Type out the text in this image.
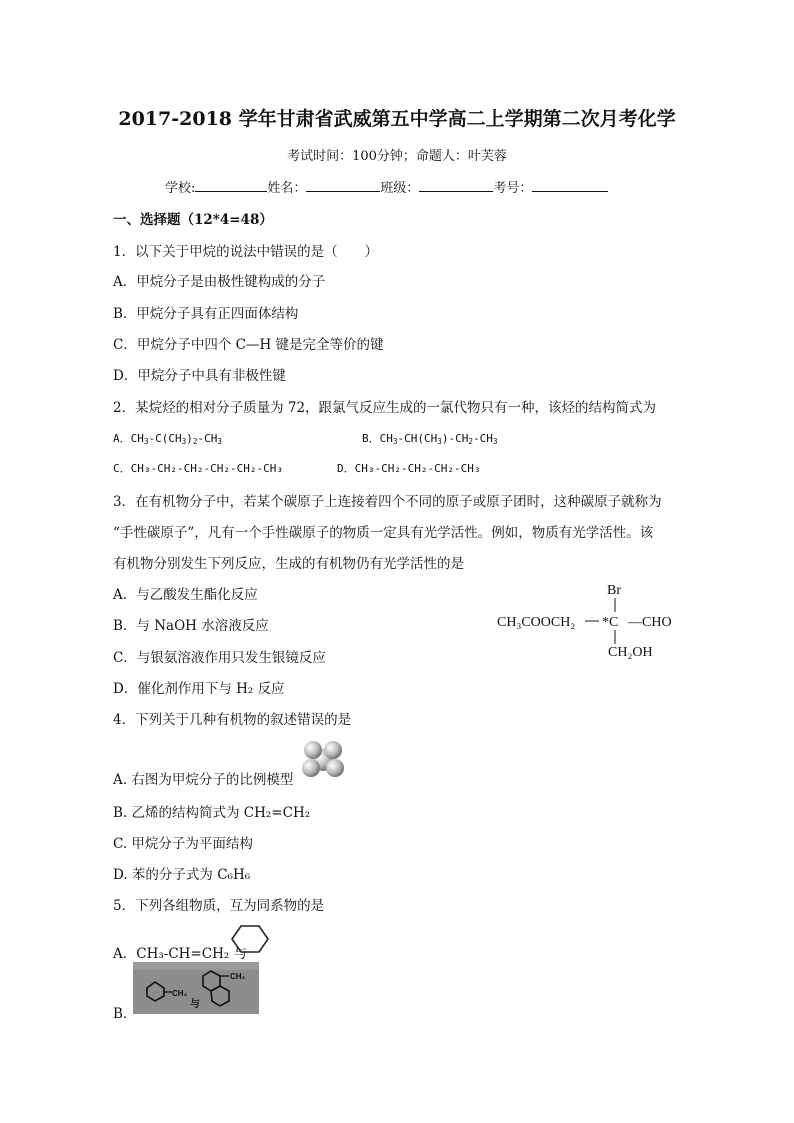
2017-2018 学年甘肃省武威第五中学高二上学期第二次月考化学
考试时间：100分钟；命题人：叶芙蓉
学校:	姓名：	班级：	考号：
一、选择题（12*4=48）
1．以下关于甲烷的说法中错误的是（　　）
A．甲烷分子是由极性键构成的分子
B．甲烷分子具有正四面体结构
C．甲烷分子中四个 C—H 键是完全等价的键
D．甲烷分子中具有非极性键
2．某烷烃的相对分子质量为 72，跟氯气反应生成的一氯代物只有一种，该烃的结构简式为
A．$CH_3-C(CH_3)_2-CH_3$	B．$CH_3-CH(CH_3)-CH_2-CH_3$
C．CH₃-CH₂-CH₂-CH₂-CH₂-CH₃	D．CH₃-CH₂-CH₂-CH₂-CH₃
3．在有机物分子中，若某个碳原子上连接着四个不同的原子或原子团时，这种碳原子就称为
“手性碳原子”，凡有一个手性碳原子的物质一定具有光学活性。例如，物质有光学活性。该
有机物分别发生下列反应，生成的有机物仍有光学活性的是
A．与乙酸发生酯化反应
B．与 NaOH 水溶液反应
C．与银氨溶液作用只发生银镜反应
D．催化剂作用下与 H₂ 反应
Br
CH₃COOCH₂ *C —CHO
CH₂OH
4．下列关于几种有机物的叙述错误的是
A. 右图为甲烷分子的比例模型
B. 乙烯的结构简式为 CH₂=CH₂
C. 甲烷分子为平面结构
D. 苯的分子式为 C₆H₆
5．下列各组物质，互为同系物的是
A．CH₃-CH=CH₂ 与
CH₃
与
CH₃
B．
